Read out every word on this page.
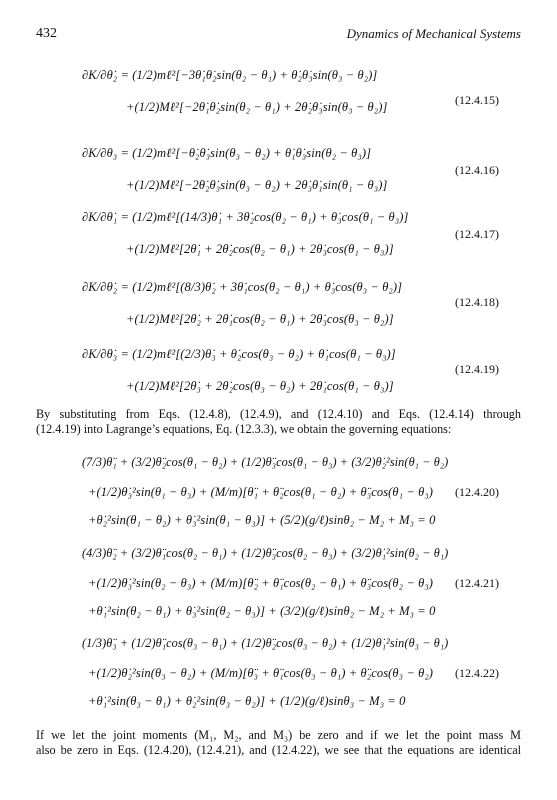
432	Dynamics of Mechanical Systems
∂K/∂θ̇₂ = (1/2)mℓ²[−3θ̇₁θ̇₂sin(θ₂ − θ₁) + θ̇₂θ̇₃sin(θ₃ − θ₂)]
+(1/2)Mℓ²[−2θ̇₁θ̇₂sin(θ₂ − θ₁) + 2θ̇₂θ̇₃sin(θ₃ − θ₂)]	(12.4.15)
∂K/∂θ₃ = (1/2)mℓ²[−θ̇₂θ̇₃sin(θ₃ − θ₂) + θ̇₁θ̇₃sin(θ₂ − θ₃)]
+(1/2)Mℓ²[−2θ̇₂θ̇₃sin(θ₃ − θ₂) + 2θ̇₃θ̇₁sin(θ₁ − θ₃)]
(12.4.16)
∂K/∂θ̇₁ = (1/2)mℓ²[(14/3)θ̇₁ + 3θ̇₂cos(θ₂ − θ₁) + θ̇₃cos(θ₁ − θ₃)]
+(1/2)Mℓ²[2θ̇₁ + 2θ̇₂cos(θ₂ − θ₁) + 2θ̇₃cos(θ₁ − θ₃)]
(12.4.17)
∂K/∂θ̇₂ = (1/2)mℓ²[(8/3)θ̇₂ + 3θ̇₁cos(θ₂ − θ₁) + θ̇₃cos(θ₃ − θ₂)]
+(1/2)Mℓ²[2θ̇₂ + 2θ̇₁cos(θ₂ − θ₁) + 2θ̇₃cos(θ₃ − θ₂)]
(12.4.18)
∂K/∂θ̇₃ = (1/2)mℓ²[(2/3)θ̇₃ + θ̇₂cos(θ₃ − θ₂) + θ̇₁cos(θ₁ − θ₃)]
+(1/2)Mℓ²[2θ̇₃ + 2θ̇₂cos(θ₃ − θ₂) + 2θ̇₁cos(θ₁ − θ₃)]
(12.4.19)
By substituting from Eqs. (12.4.8), (12.4.9), and (12.4.10) and Eqs. (12.4.14) through
(12.4.19) into Lagrange’s equations, Eq. (12.3.3), we obtain the governing equations:
(7/3)θ̈₁ + (3/2)θ̈₂cos(θ₁ − θ₂) + (1/2)θ̈₃cos(θ₁ − θ₃) + (3/2)θ̇₂²sin(θ₁ − θ₂)
+(1/2)θ̇₃²sin(θ₁ − θ₃) + (M/m)[θ̈₁ + θ̈₂cos(θ₁ − θ₂) + θ̈₃cos(θ₁ − θ₃)
+θ̇₂²sin(θ₁ − θ₂) + θ̇₃²sin(θ₁ − θ₃)] + (5/2)(g/ℓ)sinθ₂ − M₂ + M₃ = 0
(12.4.20)
(4/3)θ̈₂ + (3/2)θ̈₁cos(θ₂ − θ₁) + (1/2)θ̈₃cos(θ₂ − θ₃) + (3/2)θ̇₁²sin(θ₂ − θ₁)
+(1/2)θ̇₃²sin(θ₂ − θ₃) + (M/m)[θ̈₂ + θ̈₁cos(θ₂ − θ₁) + θ̈₃cos(θ₂ − θ₃)
+θ̇₁²sin(θ₂ − θ₁) + θ̇₃²sin(θ₂ − θ₃)] + (3/2)(g/ℓ)sinθ₂ − M₂ + M₃ = 0
(12.4.21)
(1/3)θ̈₃ + (1/2)θ̈₁cos(θ₃ − θ₁) + (1/2)θ̈₂cos(θ₃ − θ₂) + (1/2)θ̇₁²sin(θ₃ − θ₁)
+(1/2)θ̇₂²sin(θ₃ − θ₂) + (M/m)[θ̈₃ + θ̈₁cos(θ₃ − θ₁) + θ̈₂cos(θ₃ − θ₂)
+θ̇₁²sin(θ₃ − θ₁) + θ̇₂²sin(θ₃ − θ₂)] + (1/2)(g/ℓ)sinθ₃ − M₃ = 0
(12.4.22)
If we let the joint moments (M₁, M₂, and M₃) be zero and if we let the point mass M
also be zero in Eqs. (12.4.20), (12.4.21), and (12.4.22), we see that the equations are identical
